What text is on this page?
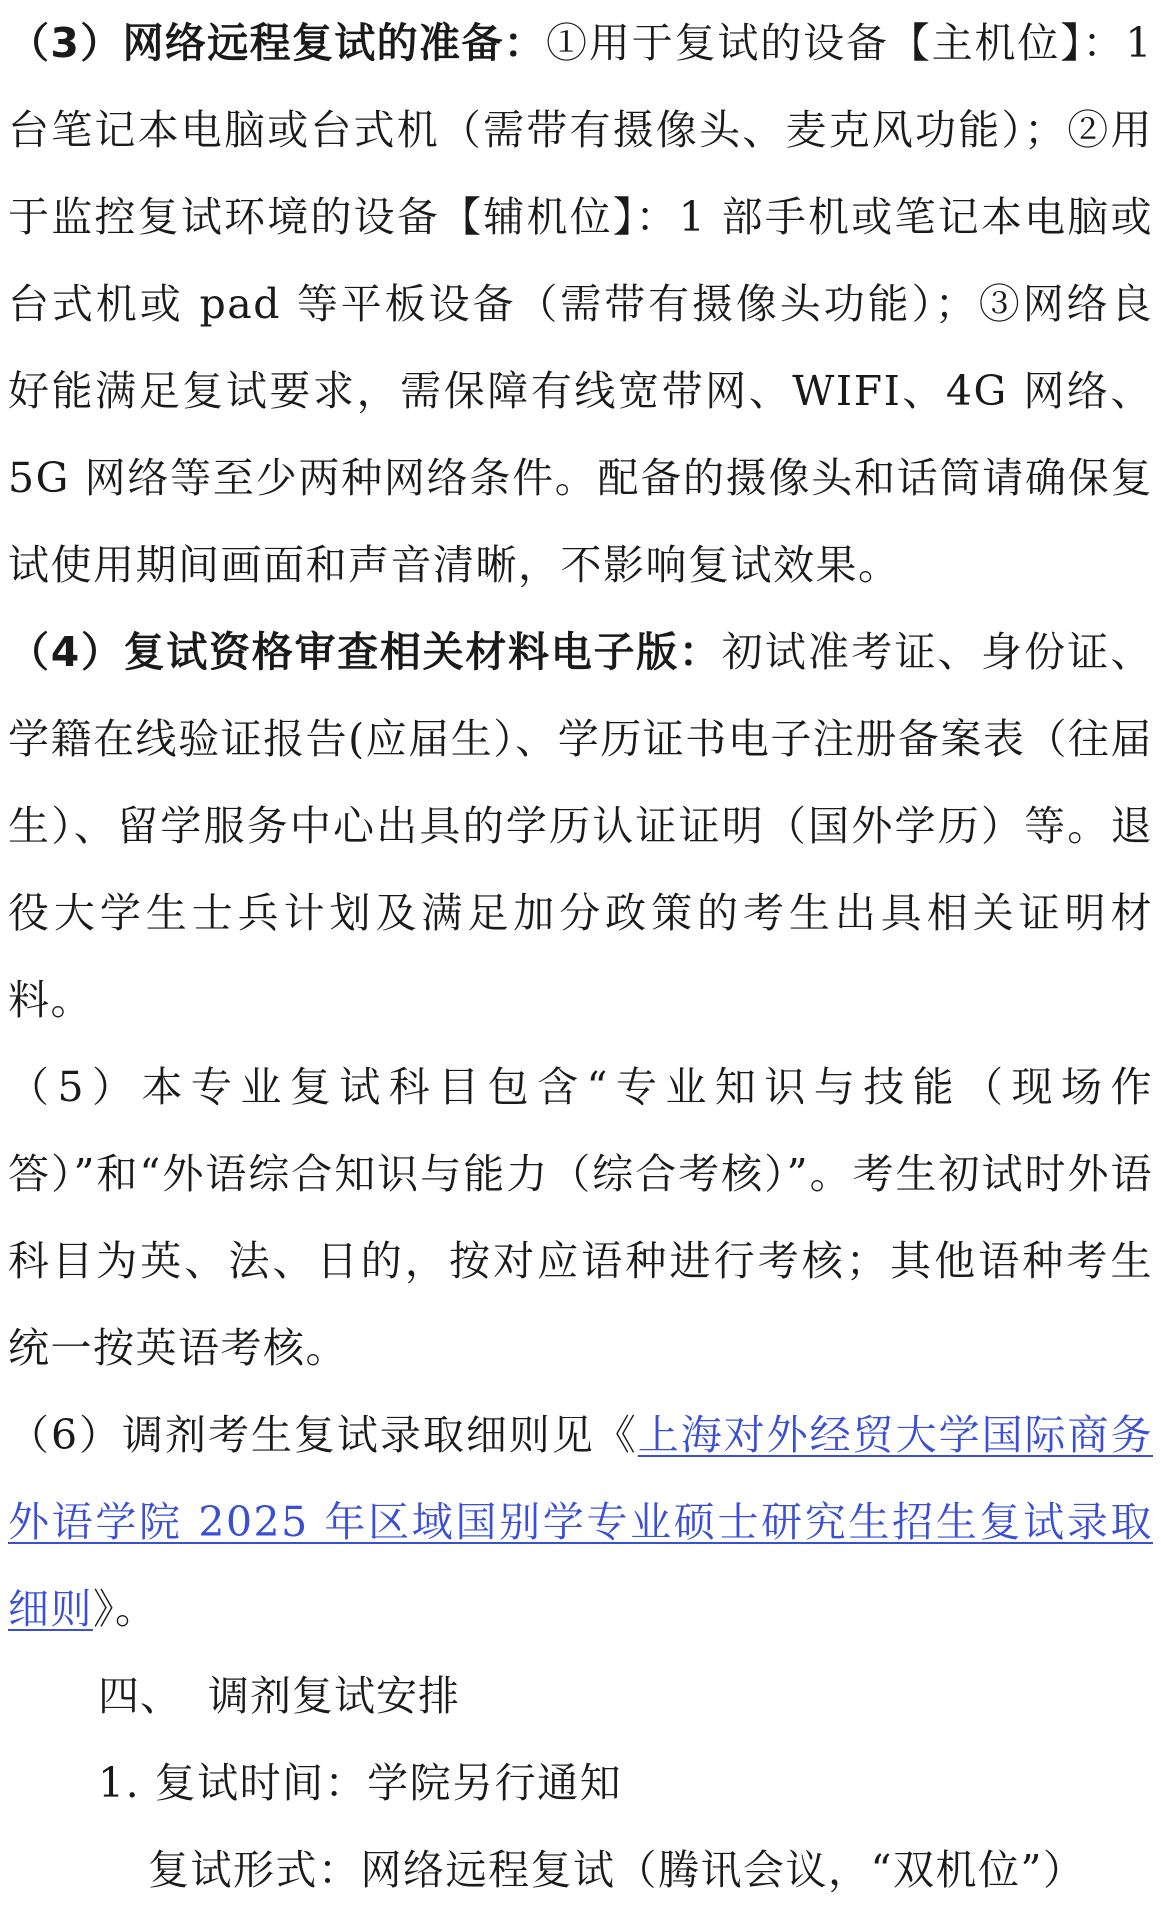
（3）网络远程复试的准备：①用于复试的设备【主机位】：1 台笔记本电脑或台式机（需带有摄像头、麦克风功能）；②用于监控复试环境的设备【辅机位】：1 部手机或笔记本电脑或台式机或 pad 等平板设备（需带有摄像头功能）；③网络良好能满足复试要求，需保障有线宽带网、WIFI、4G 网络、5G 网络等至少两种网络条件。配备的摄像头和话筒请确保复试使用期间画面和声音清晰，不影响复试效果。

（4）复试资格审查相关材料电子版：初试准考证、身份证、学籍在线验证报告(应届生）、学历证书电子注册备案表（往届生）、留学服务中心出具的学历认证证明（国外学历）等。退役大学生士兵计划及满足加分政策的考生出具相关证明材料。

（5）本专业复试科目包含“专业知识与技能（现场作答）”和“外语综合知识与能力（综合考核）”。考生初试时外语科目为英、法、日的，按对应语种进行考核；其他语种考生统一按英语考核。

（6）调剂考生复试录取细则见《上海对外经贸大学国际商务外语学院 2025 年区域国别学专业硕士研究生招生复试录取细则》。

四、 调剂复试安排

1. 复试时间：学院另行通知

复试形式：网络远程复试（腾讯会议，“双机位”）
